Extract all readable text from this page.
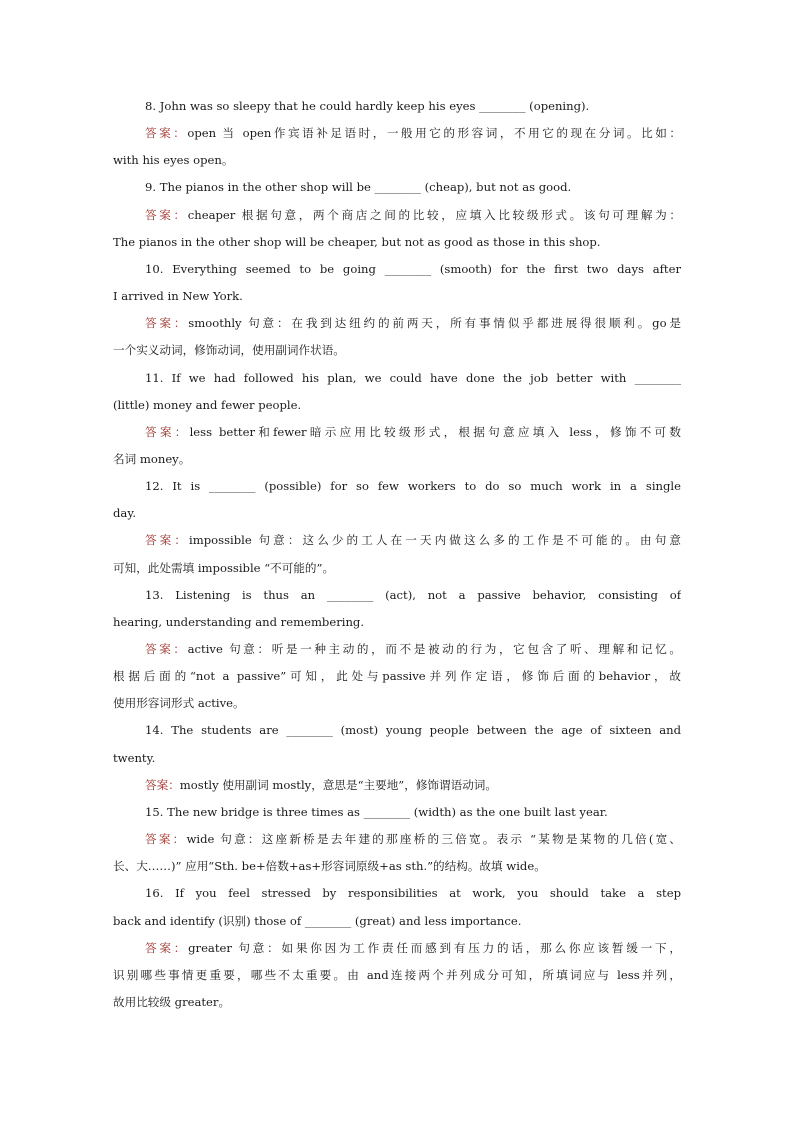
8. John was so sleepy that he could hardly keep his eyes ________ (opening).
答案：open 当 open作宾语补足语时，一般用它的形容词，不用它的现在分词。比如：
with his eyes open。
9. The pianos in the other shop will be ________ (cheap), but not as good.
答案：cheaper 根据句意，两个商店之间的比较，应填入比较级形式。该句可理解为：
The pianos in the other shop will be cheaper, but not as good as those in this shop.
10. Everything seemed to be going ________ (smooth) for the first two days after
I arrived in New York.
答案：smoothly 句意：在我到达纽约的前两天，所有事情似乎都进展得很顺利。go是
一个实义动词，修饰动词，使用副词作状语。
11. If we had followed his plan, we could have done the job better with ________
(little) money and fewer people.
答案：less better和fewer暗示应用比较级形式，根据句意应填入 less，修饰不可数
名词 money。
12. It is ________ (possible) for so few workers to do so much work in a single
day.
答案：impossible 句意：这么少的工人在一天内做这么多的工作是不可能的。由句意
可知，此处需填 impossible “不可能的”。
13. Listening is thus an ________ (act), not a passive behavior, consisting of
hearing, understanding and remembering.
答案：active 句意：听是一种主动的，而不是被动的行为，它包含了听、理解和记忆。
根据后面的“not a passive”可知，此处与passive并列作定语，修饰后面的behavior，故
使用形容词形式 active。
14. The students are ________ (most) young people between the age of sixteen and
twenty.
答案：mostly 使用副词 mostly，意思是“主要地”，修饰谓语动词。
15. The new bridge is three times as ________ (width) as the one built last year.
答案：wide 句意：这座新桥是去年建的那座桥的三倍宽。表示 “某物是某物的几倍(宽、
长、大……)” 应用“Sth. be+倍数+as+形容词原级+as sth.”的结构。故填 wide。
16. If you feel stressed by responsibilities at work, you should take a step
back and identify (识别) those of ________ (great) and less importance.
答案：greater 句意：如果你因为工作责任而感到有压力的话，那么你应该暂缓一下，
识别哪些事情更重要，哪些不太重要。由 and连接两个并列成分可知，所填词应与 less并列，
故用比较级 greater。
